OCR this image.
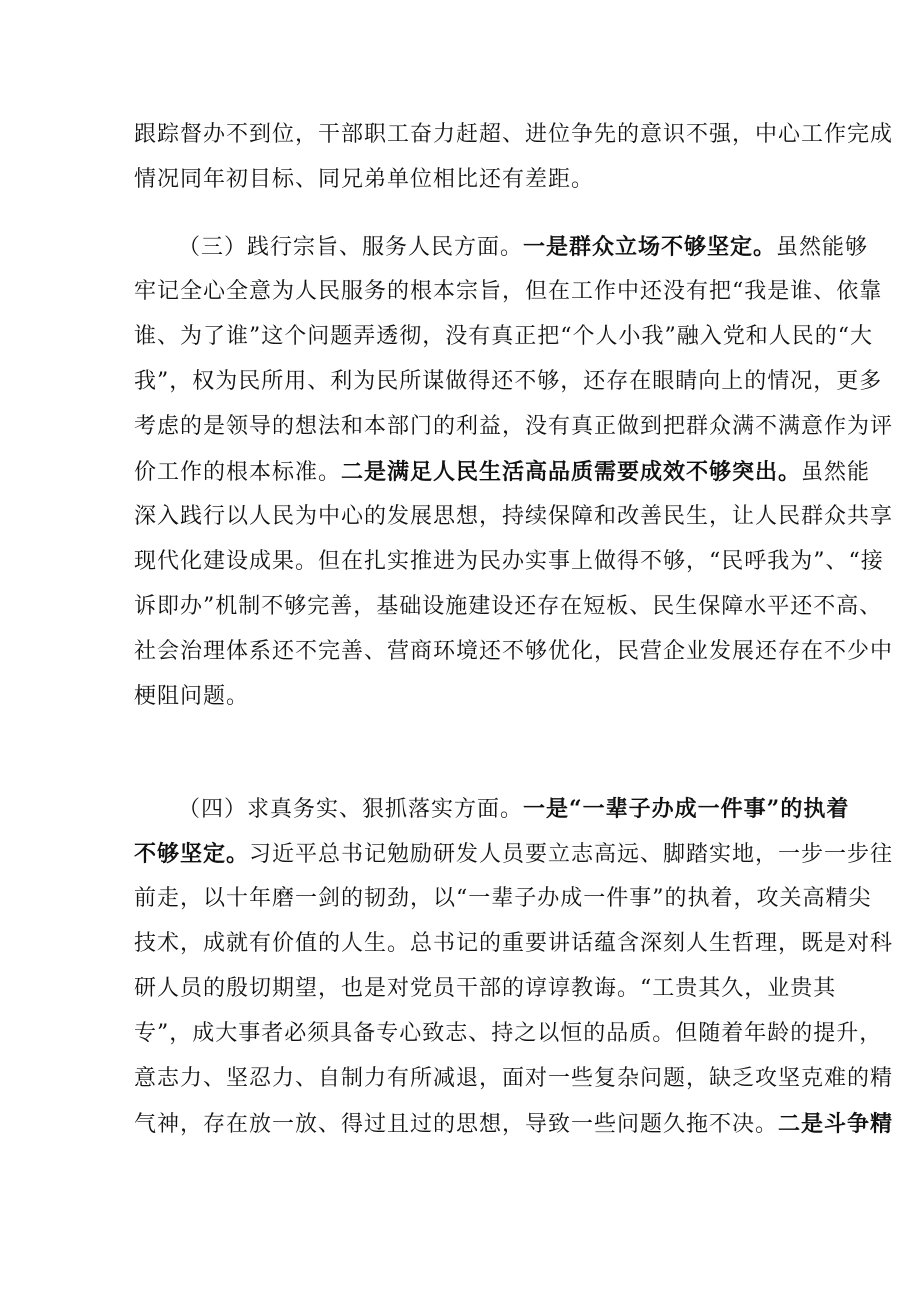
跟踪督办不到位，干部职工奋力赶超、进位争先的意识不强，中心工作完成
情况同年初目标、同兄弟单位相比还有差距。
（三）践行宗旨、服务人民方面。一是群众立场不够坚定。虽然能够
牢记全心全意为人民服务的根本宗旨，但在工作中还没有把“我是谁、依靠
谁、为了谁”这个问题弄透彻，没有真正把“个人小我”融入党和人民的“大
我”，权为民所用、利为民所谋做得还不够，还存在眼睛向上的情况，更多
考虑的是领导的想法和本部门的利益，没有真正做到把群众满不满意作为评
价工作的根本标准。二是满足人民生活高品质需要成效不够突出。虽然能
深入践行以人民为中心的发展思想，持续保障和改善民生，让人民群众共享
现代化建设成果。但在扎实推进为民办实事上做得不够，“民呼我为”、“接
诉即办”机制不够完善，基础设施建设还存在短板、民生保障水平还不高、
社会治理体系还不完善、营商环境还不够优化，民营企业发展还存在不少中
梗阻问题。
（四）求真务实、狠抓落实方面。一是“一辈子办成一件事”的执着
不够坚定。习近平总书记勉励研发人员要立志高远、脚踏实地，一步一步往
前走，以十年磨一剑的韧劲，以“一辈子办成一件事”的执着，攻关高精尖
技术，成就有价值的人生。总书记的重要讲话蕴含深刻人生哲理，既是对科
研人员的殷切期望，也是对党员干部的谆谆教诲。“工贵其久，业贵其
专”，成大事者必须具备专心致志、持之以恒的品质。但随着年龄的提升，
意志力、坚忍力、自制力有所减退，面对一些复杂问题，缺乏攻坚克难的精
气神，存在放一放、得过且过的思想，导致一些问题久拖不决。二是斗争精
